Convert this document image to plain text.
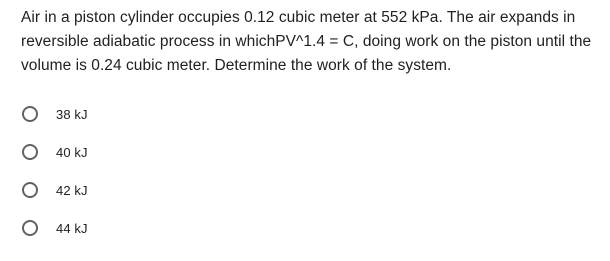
Air in a piston cylinder occupies 0.12 cubic meter at 552 kPa. The air expands in reversible adiabatic process in whichPV^1.4 = C, doing work on the piston until the volume is 0.24 cubic meter. Determine the work of the system.
38 kJ
40 kJ
42 kJ
44 kJ
